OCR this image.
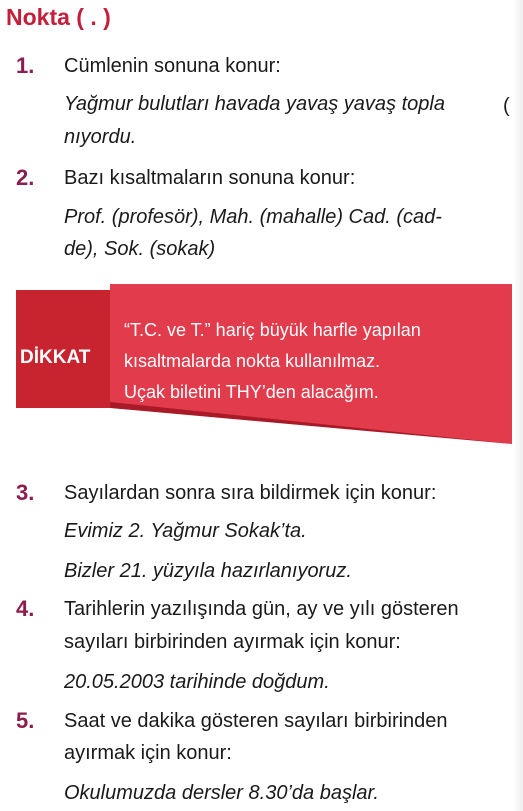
Nokta ( . )
1. Cümlenin sonuna konur:
Yağmur bulutları havada yavaş yavaş topla	(
nıyordu.
2. Bazı kısaltmaların sonuna konur:
Prof. (profesör), Mah. (mahalle) Cad. (cad-
de), Sok. (sokak)
DİKKAT
“T.C. ve T.” hariç büyük harfle yapılan
kısaltmalarda nokta kullanılmaz.
Uçak biletini THY’den alacağım.
3. Sayılardan sonra sıra bildirmek için konur:
Evimiz 2. Yağmur Sokak’ta.
Bizler 21. yüzyıla hazırlanıyoruz.
4. Tarihlerin yazılışında gün, ay ve yılı gösteren
sayıları birbirinden ayırmak için konur:
20.05.2003 tarihinde doğdum.
5. Saat ve dakika gösteren sayıları birbirinden
ayırmak için konur:
Okulumuzda dersler 8.30’da başlar.
